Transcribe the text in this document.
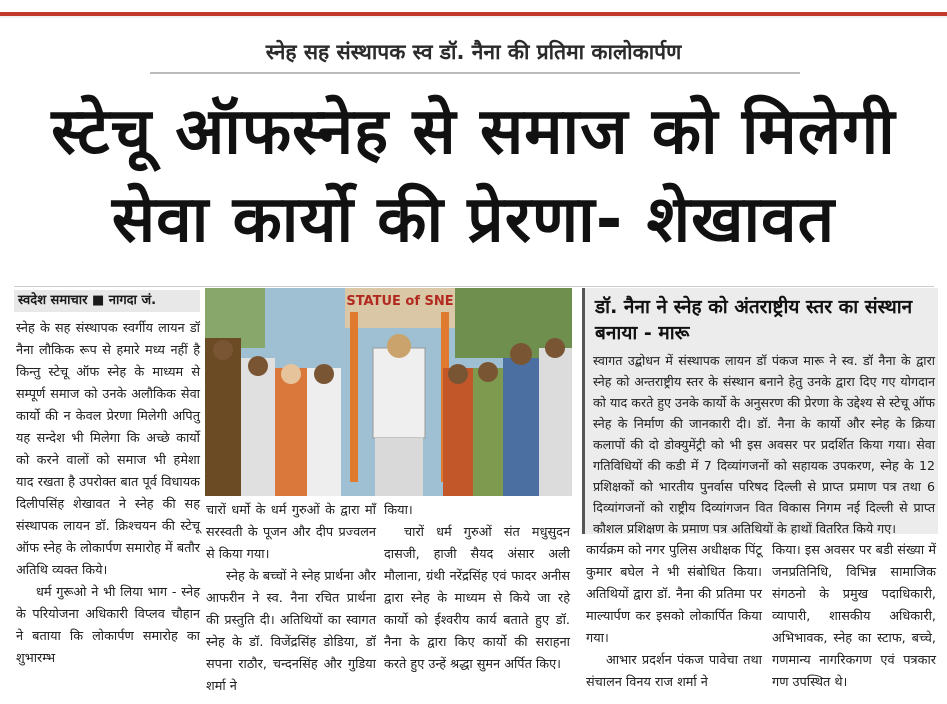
स्नेह सह संस्थापक स्व डॉ. नैना की प्रतिमा कालोकार्पण
स्टेचू ऑफस्नेह से समाज को मिलेगी
सेवा कार्यो की प्रेरणा- शेखावत
स्वदेश समाचार ■ नागदा जं.

स्नेह के सह संस्थापक स्वर्गीय लायन डॉ नैना लौकिक रूप से हमारे मध्य नहीं है किन्तु स्टेचू ऑफ स्नेह के माध्यम से सम्पूर्ण समाज को उनके अलौकिक सेवा कार्यो की न केवल प्रेरणा मिलेगी अपितु यह सन्देश भी मिलेगा कि अच्छे कार्यो को करने वालों को समाज भी हमेशा याद रखता है उपरोक्त बात पूर्व विधायक दिलीपसिंह शेखावत ने स्नेह की सह संस्थापक लायन डॉ. क्रिश्चयन की स्टेचू ऑफ स्नेह के लोकार्पण समारोह में बतौर अतिथि व्यक्त किये।

धर्म गुरूओ ने भी लिया भाग - स्नेह के परियोजना अधिकारी विप्लव चौहान ने बताया कि लोकार्पण समारोह का शुभारम्भ

STATUE of SNE

चारों धर्मो के धर्म गुरुओं के द्वारा माँ सरस्वती के पूजन और दीप प्रज्वलन से किया गया।

स्नेह के बच्चों ने स्नेह प्रार्थना और आफरीन ने स्व. नैना रचित प्रार्थना की प्रस्तुति दी। अतिथियों का स्वागत स्नेह के डॉ. विजेंद्रसिंह डोडिया, डॉ सपना राठौर, चन्दनसिंह और गुडिया शर्मा ने

किया।

चारों धर्म गुरुओं संत मधुसुदन दासजी, हाजी सैयद अंसार अली मौलाना, ग्रंथी नरेंद्रसिंह एवं फादर अनीस द्वारा स्नेह के माध्यम से किये जा रहे कार्यो को ईश्वरीय कार्य बताते हुए डॉ. नैना के द्वारा किए कार्यो की सराहना करते हुए उन्हें श्रद्धा सुमन अर्पित किए।

डॉ. नैना ने स्नेह को अंतराष्ट्रीय स्तर का संस्थान बनाया - मारू
स्वागत उद्बोधन में संस्थापक लायन डॉ पंकज मारू ने स्व. डॉ नैना के द्वारा स्नेह को अन्तराष्ट्रीय स्तर के संस्थान बनाने हेतु उनके द्वारा दिए गए योगदान को याद करते हुए उनके कार्यो के अनुसरण की प्रेरणा के उद्देश्य से स्टेचू ऑफ स्नेह के निर्माण की जानकारी दी। डॉ. नैना के कार्यो और स्नेह के क्रिया कलापों की दो डोक्युमेंट्री को भी इस अवसर पर प्रदर्शित किया गया। सेवा गतिविधियों की कडी में 7 दिव्यांगजनों को सहायक उपकरण, स्नेह के 12 प्रशिक्षकों को भारतीय पुनर्वास परिषद दिल्ली से प्राप्त प्रमाण पत्र तथा 6 दिव्यांगजनों को राष्ट्रीय दिव्यांगजन वित विकास निगम नई दिल्ली से प्राप्त कौशल प्रशिक्षण के प्रमाण पत्र अतिथियों के हाथों वितरित किये गए।

कार्यक्रम को नगर पुलिस अधीक्षक पिंटू कुमार बघेल ने भी संबोधित किया। अतिथियों द्वारा डॉ. नैना की प्रतिमा पर माल्यार्पण कर इसको लोकार्पित किया गया।

आभार प्रदर्शन पंकज पावेचा तथा संचालन विनय राज शर्मा ने

किया। इस अवसर पर बडी संख्या में जनप्रतिनिधि, विभिन्न सामाजिक संगठनो के प्रमुख पदाधिकारी, व्यापारी, शासकीय अधिकारी, अभिभावक, स्नेह का स्टाफ, बच्चे, गणमान्य नागरिकगण एवं पत्रकार गण उपस्थित थे।
